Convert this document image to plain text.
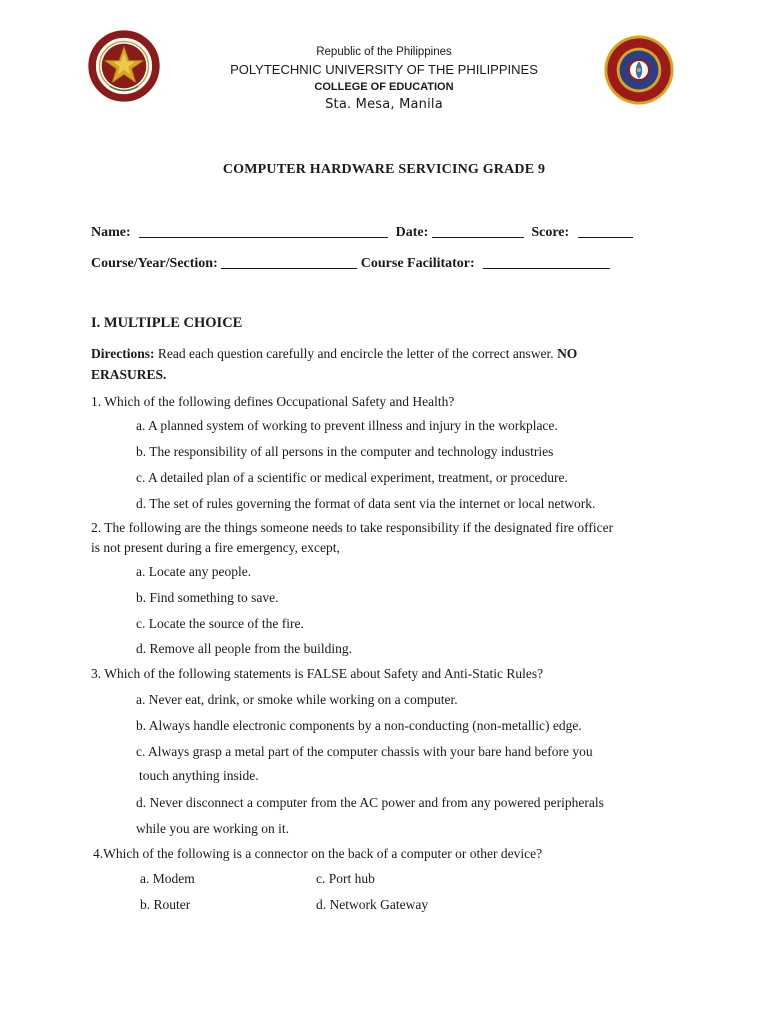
Republic of the Philippines
POLYTECHNIC UNIVERSITY OF THE PHILIPPINES
COLLEGE OF EDUCATION
Sta. Mesa, Manila
COMPUTER HARDWARE SERVICING GRADE 9
Name:	Date:	Score:
Course/Year/Section:	Course Facilitator:
I. MULTIPLE CHOICE
Directions: Read each question carefully and encircle the letter of the correct answer. NO ERASURES.
1. Which of the following defines Occupational Safety and Health?
a. A planned system of working to prevent illness and injury in the workplace.
b. The responsibility of all persons in the computer and technology industries
c. A detailed plan of a scientific or medical experiment, treatment, or procedure.
d. The set of rules governing the format of data sent via the internet or local network.
2. The following are the things someone needs to take responsibility if the designated fire officer
is not present during a fire emergency, except,
a. Locate any people.
b. Find something to save.
c. Locate the source of the fire.
d. Remove all people from the building.
3. Which of the following statements is FALSE about Safety and Anti-Static Rules?
a. Never eat, drink, or smoke while working on a computer.
b. Always handle electronic components by a non-conducting (non-metallic) edge.
c. Always grasp a metal part of the computer chassis with your bare hand before you
touch anything inside.
d. Never disconnect a computer from the AC power and from any powered peripherals
while you are working on it.
4.Which of the following is a connector on the back of a computer or other device?
a. Modem	c. Port hub
b. Router	d. Network Gateway
